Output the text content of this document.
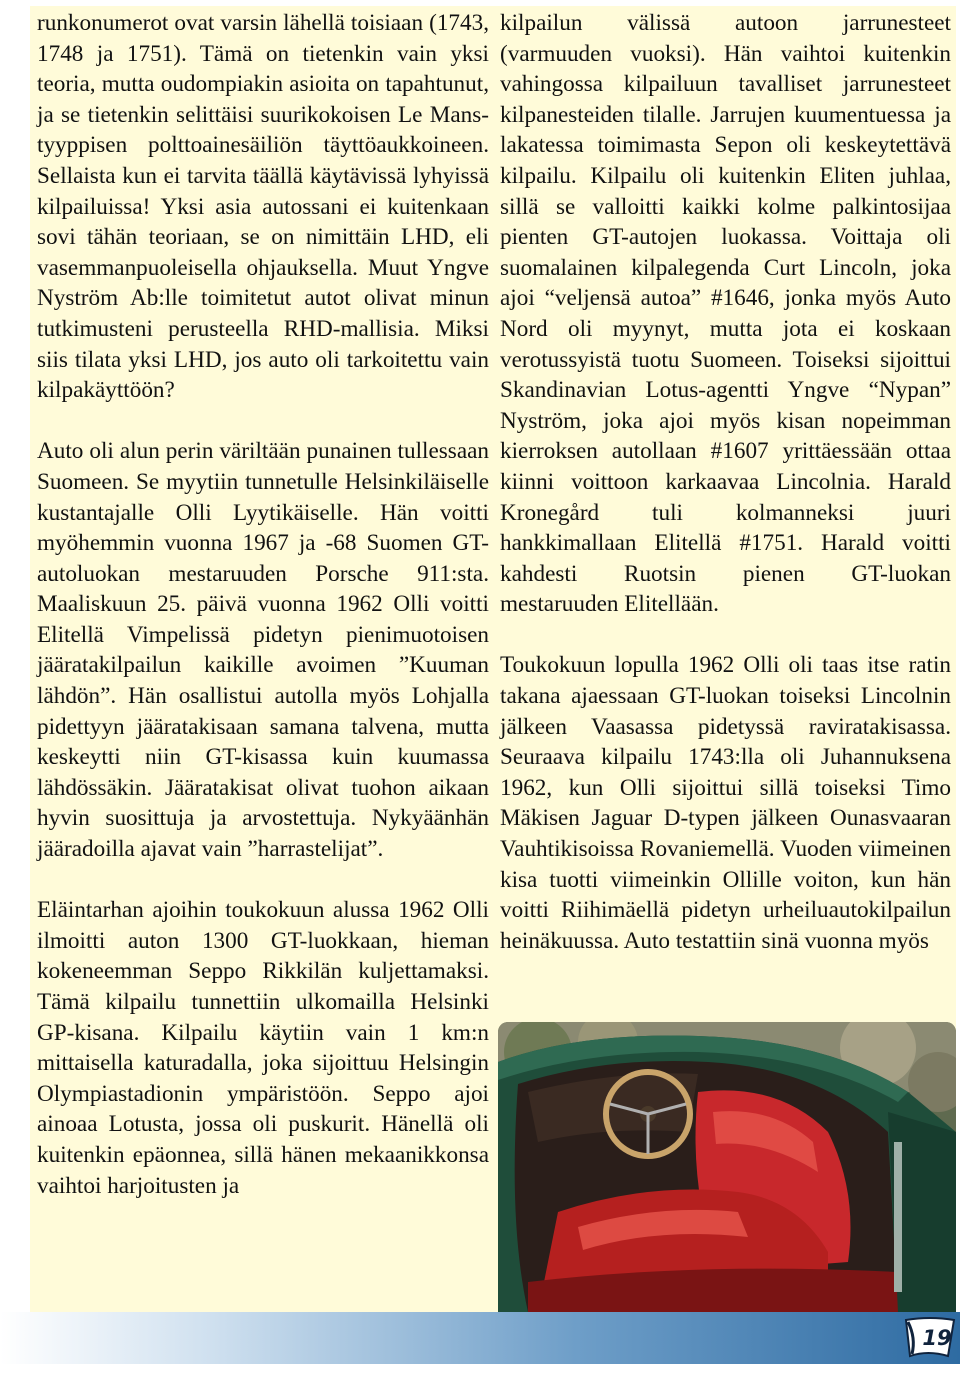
runkonumerot ovat varsin lähellä toisiaan (1743, 1748 ja 1751). Tämä on tietenkin vain yksi teoria, mutta oudompiakin asioita on tapahtunut, ja se tietenkin selittäisi suurikokoisen Le Mans-tyyppisen polttoainesäiliön täyttöaukkoineen. Sellaista kun ei tarvita täällä käytävissä lyhyissä kilpailuissa! Yksi asia autossani ei kuitenkaan sovi tähän teoriaan, se on nimittäin LHD, eli vasemmanpuoleisella ohjauksella. Muut Yngve Nyström Ab:lle toimitetut autot olivat minun tutkimusteni perusteella RHD-mallisia. Miksi siis tilata yksi LHD, jos auto oli tarkoitettu vain kilpakäyttöön?

Auto oli alun perin väriltään punainen tullessaan Suomeen. Se myytiin tunnetulle Helsinkiläiselle kustantajalle Olli Lyytikäiselle. Hän voitti myöhemmin vuonna 1967 ja -68 Suomen GT-autoluokan mestaruuden Porsche 911:sta. Maaliskuun 25. päivä vuonna 1962 Olli voitti Elitellä Vimpelissä pidetyn pienimuotoisen jääratakilpailun kaikille avoimen ”Kuuman lähdön”. Hän osallistui autolla myös Lohjalla pidettyyn jääratakisaan samana talvena, mutta keskeytti niin GT-kisassa kuin kuumassa lähdössäkin. Jääratakisat olivat tuohon aikaan hyvin suosittuja ja arvostettuja. Nykyäänhän jääradoilla ajavat vain ”harrastelijat”.

Eläintarhan ajoihin toukokuun alussa 1962 Olli ilmoitti auton 1300 GT-luokkaan, hieman kokeneemman Seppo Rikkilän kuljettamaksi. Tämä kilpailu tunnettiin ulkomailla Helsinki GP-kisana. Kilpailu käytiin vain 1 km:n mittaisella katuradalla, joka sijoittuu Helsingin Olympiastadionin ympäristöön. Seppo ajoi ainoaa Lotusta, jossa oli puskurit. Hänellä oli kuitenkin epäonnea, sillä hänen mekaanikkonsa vaihtoi harjoitusten ja

kilpailun välissä autoon jarrunesteet (varmuuden vuoksi). Hän vaihtoi kuitenkin vahingossa kilpailuun tavalliset jarrunesteet kilpanesteiden tilalle. Jarrujen kuumentuessa ja lakatessa toimimasta Sepon oli keskeytettävä kilpailu. Kilpailu oli kuitenkin Eliten juhlaa, sillä se valloitti kaikki kolme palkintosijaa pienten GT-autojen luokassa. Voittaja oli suomalainen kilpalegenda Curt Lincoln, joka ajoi “veljensä autoa” #1646, jonka myös Auto Nord oli myynyt, mutta jota ei koskaan verotussyistä tuotu Suomeen. Toiseksi sijoittui Skandinavian Lotus-agentti Yngve “Nypan” Nyström, joka ajoi myös kisan nopeimman kierroksen autollaan #1607 yrittäessään ottaa kiinni voittoon karkaavaa Lincolnia. Harald Kronegård tuli kolmanneksi juuri hankkimallaan Elitellä #1751. Harald voitti kahdesti Ruotsin pienen GT-luokan mestaruuden Elitellään.

Toukokuun lopulla 1962 Olli oli taas itse ratin takana ajaessaan GT-luokan toiseksi Lincolnin jälkeen Vaasassa pidetyssä raviratakisassa. Seuraava kilpailu 1743:lla oli Juhannuksena 1962, kun Olli sijoittui sillä toiseksi Timo Mäkisen Jaguar D-typen jälkeen Ounasvaaran Vauhtikisoissa Rovaniemellä. Vuoden viimeinen kisa tuotti viimeinkin Ollille voiton, kun hän voitti Riihimäellä pidetyn urheiluautokilpailun heinäkuussa. Auto testattiin sinä vuonna myös

19
